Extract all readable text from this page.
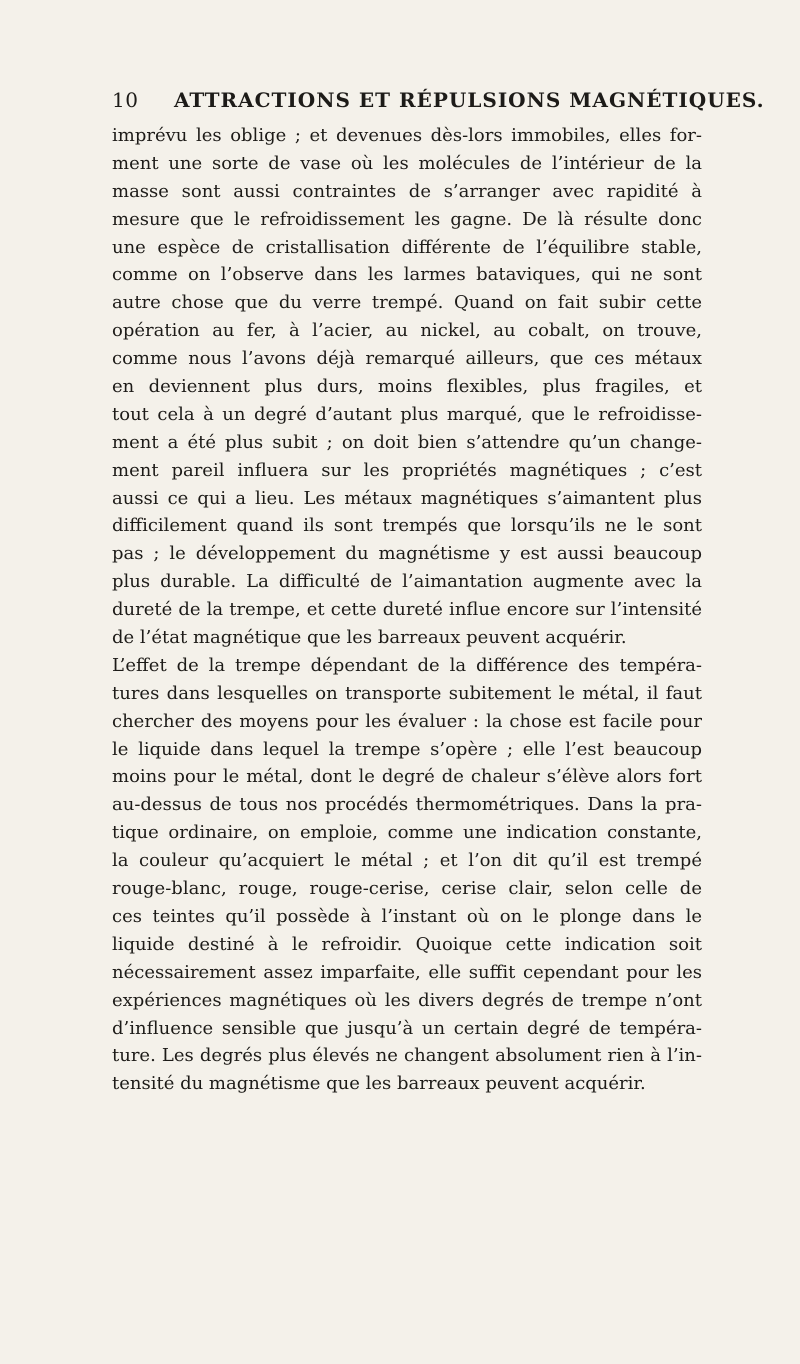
10 ATTRACTIONS ET RÉPULSIONS MAGNÉTIQUES.
imprévu les oblige ; et devenues dès-lors immobiles, elles for-
ment une sorte de vase où les molécules de l’intérieur de la
masse sont aussi contraintes de s’arranger avec rapidité à
mesure que le refroidissement les gagne. De là résulte donc
une espèce de cristallisation différente de l’équilibre stable,
comme on l’observe dans les larmes bataviques, qui ne sont
autre chose que du verre trempé. Quand on fait subir cette
opération au fer, à l’acier, au nickel, au cobalt, on trouve,
comme nous l’avons déjà remarqué ailleurs, que ces métaux
en deviennent plus durs, moins flexibles, plus fragiles, et
tout cela à un degré d’autant plus marqué, que le refroidisse-
ment a été plus subit ; on doit bien s’attendre qu’un change-
ment pareil influera sur les propriétés magnétiques ; c’est
aussi ce qui a lieu. Les métaux magnétiques s’aimantent plus
difficilement quand ils sont trempés que lorsqu’ils ne le sont
pas ; le développement du magnétisme y est aussi beaucoup
plus durable. La difficulté de l’aimantation augmente avec la
dureté de la trempe, et cette dureté influe encore sur l’intensité
de l’état magnétique que les barreaux peuvent acquérir.
L’effet de la trempe dépendant de la différence des tempéra-
tures dans lesquelles on transporte subitement le métal, il faut
chercher des moyens pour les évaluer : la chose est facile pour
le liquide dans lequel la trempe s’opère ; elle l’est beaucoup
moins pour le métal, dont le degré de chaleur s’élève alors fort
au-dessus de tous nos procédés thermométriques. Dans la pra-
tique ordinaire, on emploie, comme une indication constante,
la couleur qu’acquiert le métal ; et l’on dit qu’il est trempé
rouge-blanc, rouge, rouge-cerise, cerise clair, selon celle de
ces teintes qu’il possède à l’instant où on le plonge dans le
liquide destiné à le refroidir. Quoique cette indication soit
nécessairement assez imparfaite, elle suffit cependant pour les
expériences magnétiques où les divers degrés de trempe n’ont
d’influence sensible que jusqu’à un certain degré de tempéra-
ture. Les degrés plus élevés ne changent absolument rien à l’in-
tensité du magnétisme que les barreaux peuvent acquérir.
